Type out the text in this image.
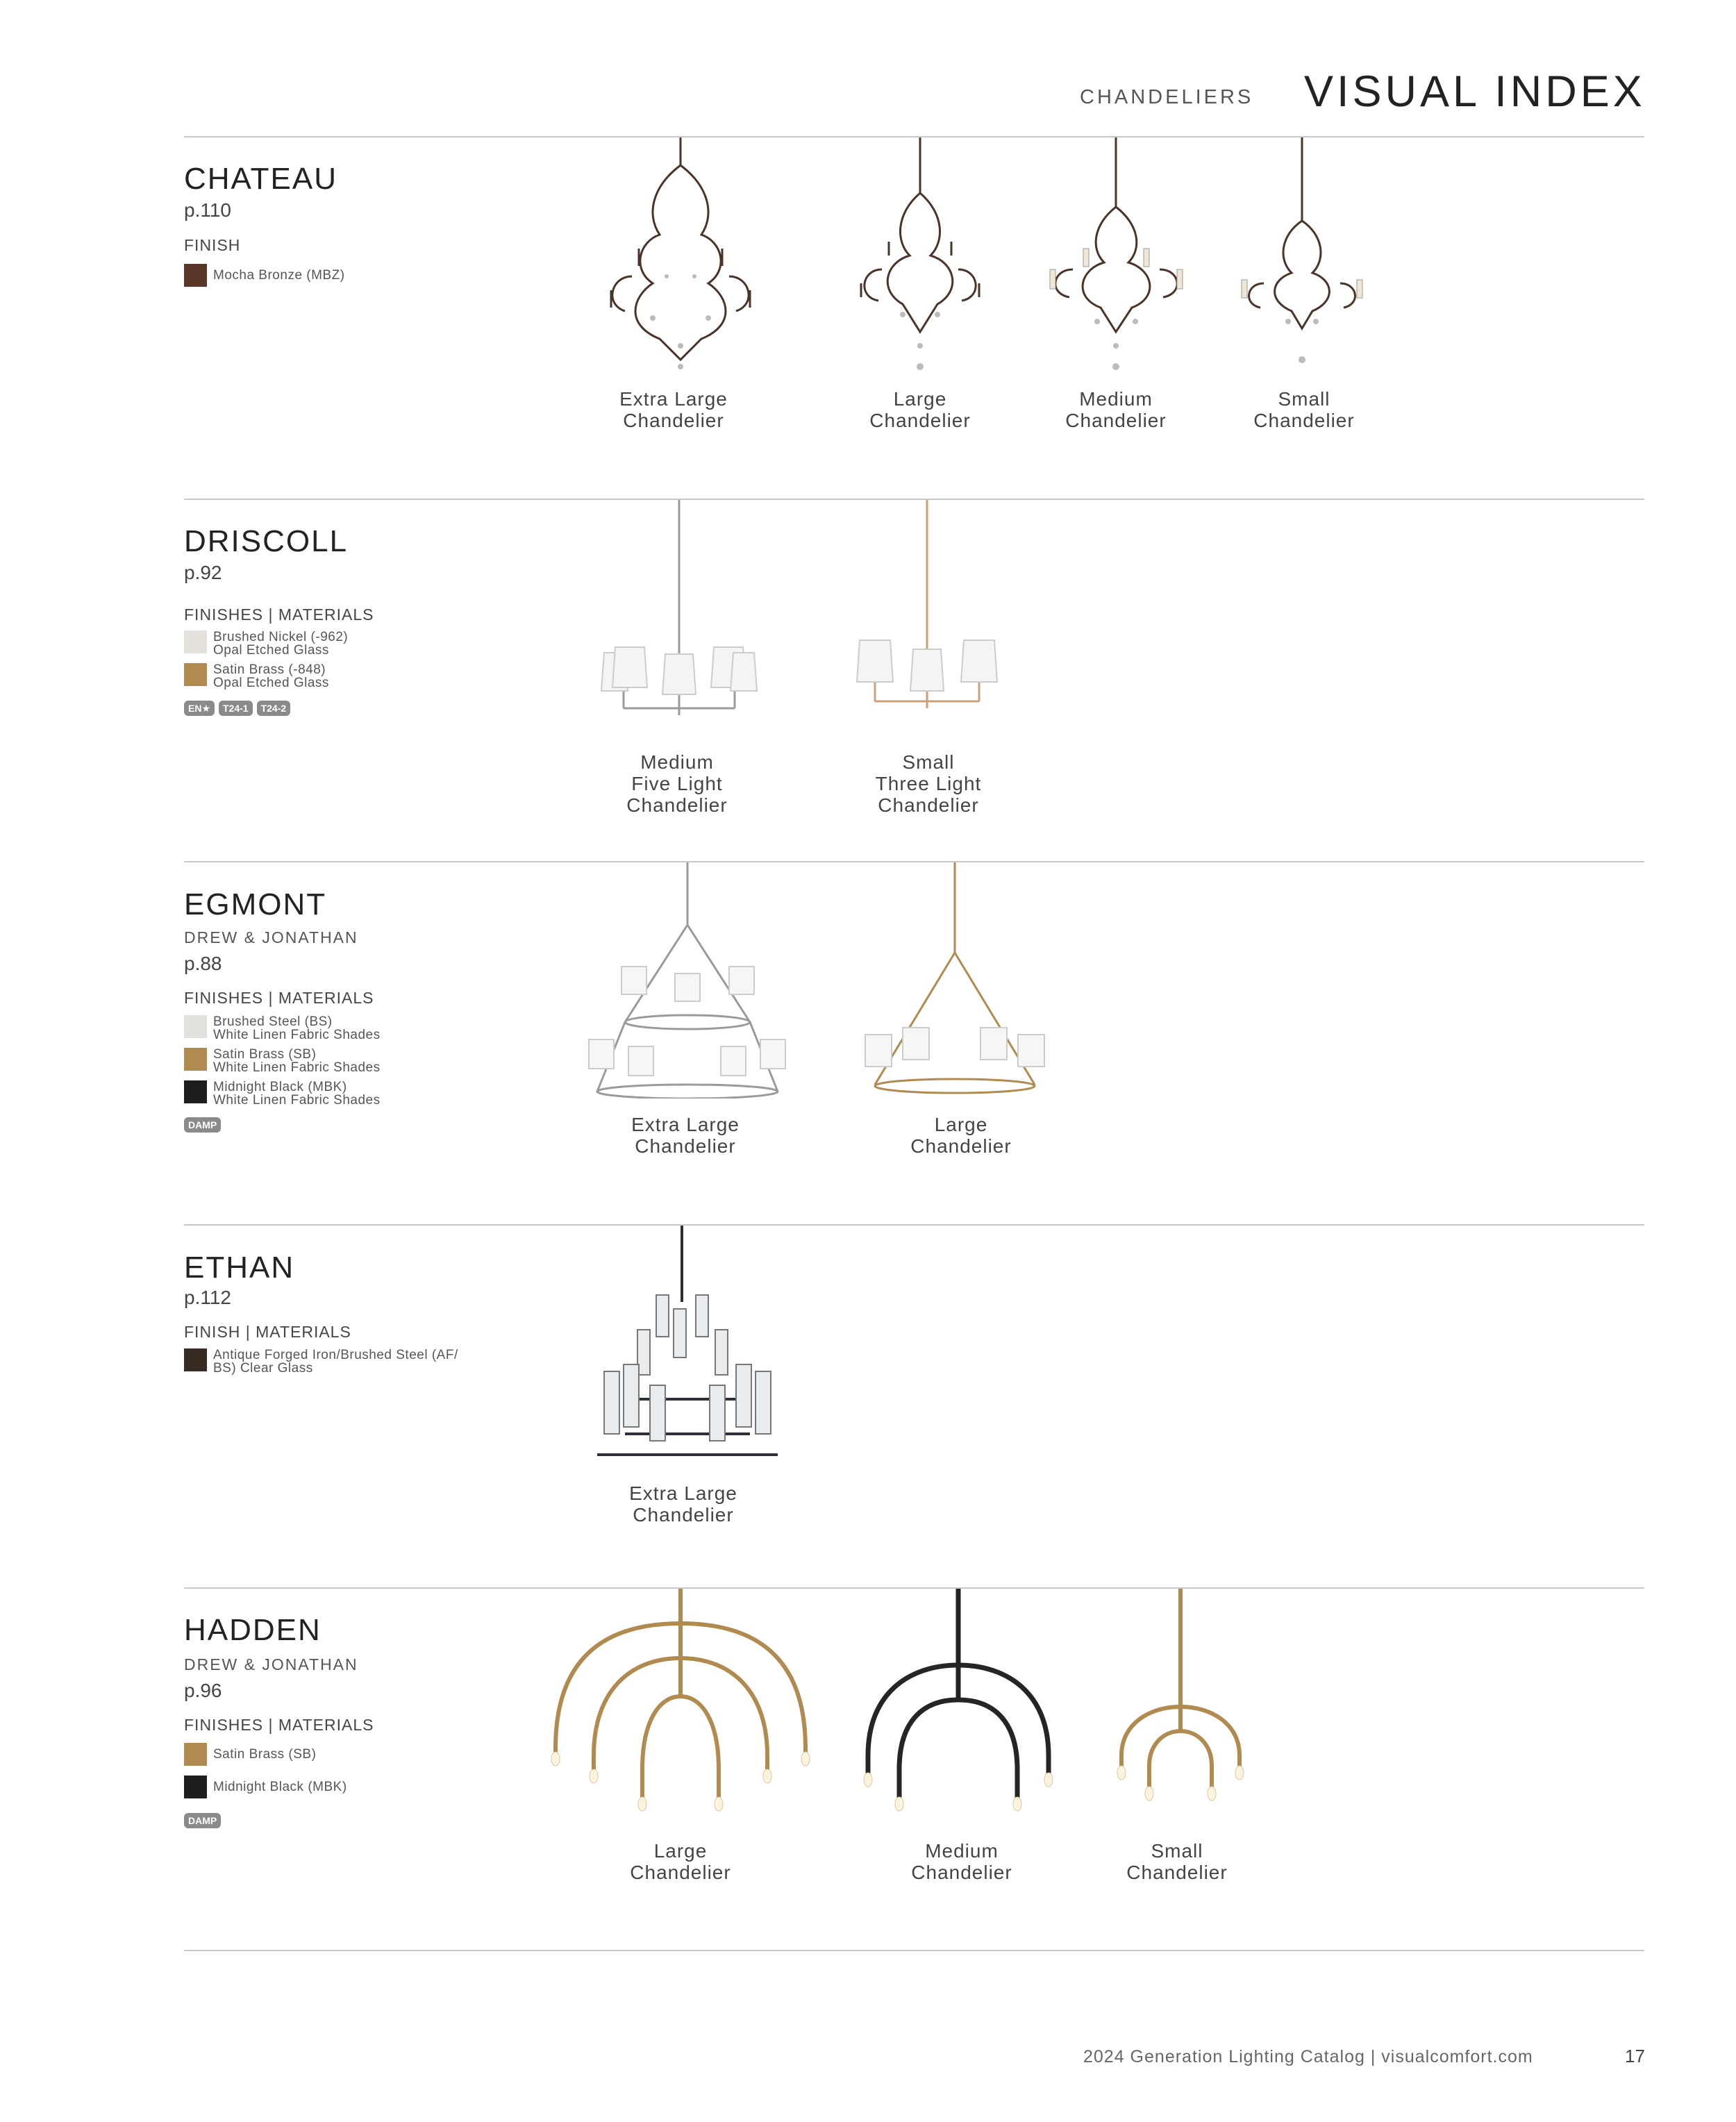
CHANDELIERS VISUAL INDEX
CHATEAU
p.110
FINISH
Mocha Bronze (MBZ)
Extra Large
Chandelier
Large
Chandelier
Medium
Chandelier
Small
Chandelier
DRISCOLL
p.92
FINISHES | MATERIALS
Brushed Nickel (-962)
Opal Etched Glass
Satin Brass (-848)
Opal Etched Glass
EN★	T24-1	T24-2
Medium
Five Light
Chandelier
Small
Three Light
Chandelier
EGMONT
DREW & JONATHAN
p.88
FINISHES | MATERIALS
Brushed Steel (BS)
White Linen Fabric Shades
Satin Brass (SB)
White Linen Fabric Shades
Midnight Black (MBK)
White Linen Fabric Shades
DAMP	Extra Large
Chandelier
Large
Chandelier
ETHAN
p.112
FINISH | MATERIALS
Antique Forged Iron/Brushed Steel (AF/
BS) Clear Glass
Extra Large
Chandelier
HADDEN
DREW & JONATHAN
p.96
FINISHES | MATERIALS
Satin Brass (SB)
Midnight Black (MBK)
DAMP
Large
Chandelier
Medium
Chandelier
Small
Chandelier
2024 Generation Lighting Catalog | visualcomfort.com	17
